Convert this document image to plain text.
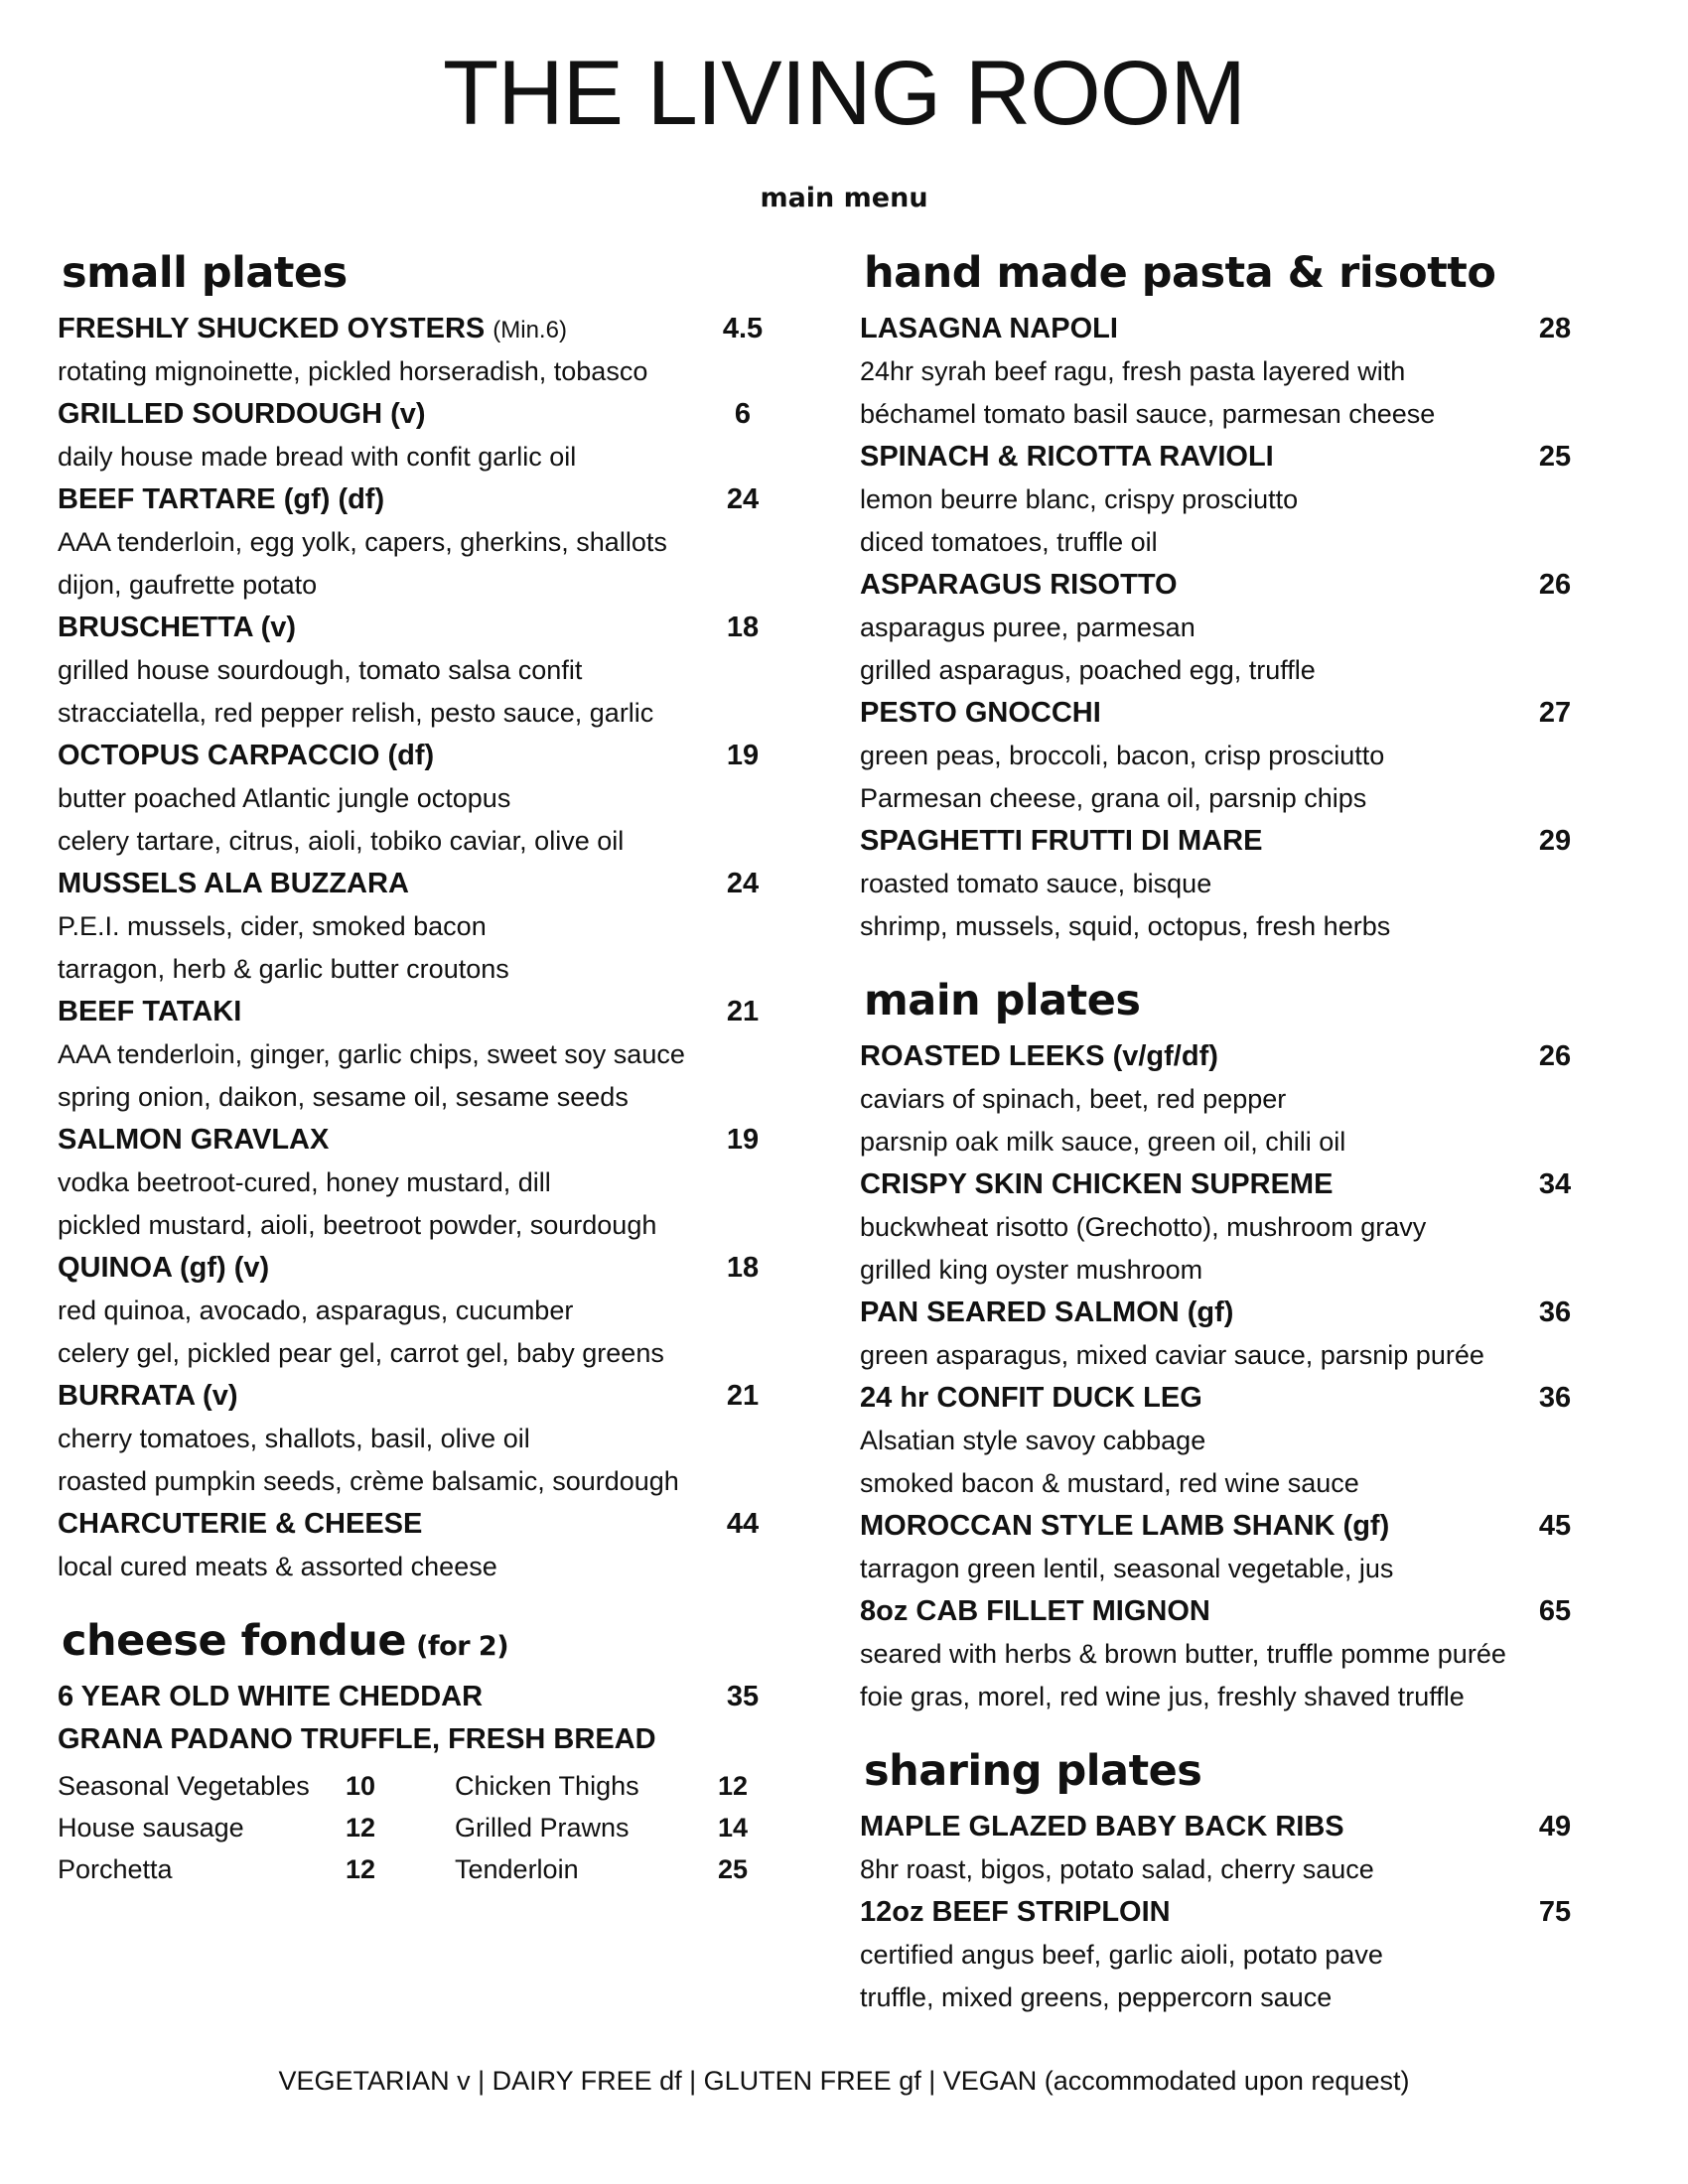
THE LIVING ROOM
main menu
small plates
FRESHLY SHUCKED OYSTERS (Min.6)	4.5
rotating mignoinette, pickled horseradish, tobasco
GRILLED SOURDOUGH (v)	6
daily house made bread with confit garlic oil
BEEF TARTARE (gf) (df)	24
AAA tenderloin, egg yolk, capers, gherkins, shallots
dijon, gaufrette potato
BRUSCHETTA (v)	18
grilled house sourdough, tomato salsa confit
stracciatella, red pepper relish, pesto sauce, garlic
OCTOPUS CARPACCIO (df)	19
butter poached Atlantic jungle octopus
celery tartare, citrus, aioli, tobiko caviar, olive oil
MUSSELS ALA BUZZARA	24
P.E.I. mussels, cider, smoked bacon
tarragon, herb & garlic butter croutons
BEEF TATAKI	21
AAA tenderloin, ginger, garlic chips, sweet soy sauce
spring onion, daikon, sesame oil, sesame seeds
SALMON GRAVLAX	19
vodka beetroot-cured, honey mustard, dill
pickled mustard, aioli, beetroot powder, sourdough
QUINOA (gf) (v)	18
red quinoa, avocado, asparagus, cucumber
celery gel, pickled pear gel, carrot gel, baby greens
BURRATA (v)	21
cherry tomatoes, shallots, basil, olive oil
roasted pumpkin seeds, crème balsamic, sourdough
CHARCUTERIE & CHEESE	44
local cured meats & assorted cheese
cheese fondue (for 2)
6 YEAR OLD WHITE CHEDDAR	35
GRANA PADANO TRUFFLE, FRESH BREAD
Seasonal Vegetables	10	Chicken Thighs	12
House sausage	12	Grilled Prawns	14
Porchetta	12	Tenderloin	25
hand made pasta & risotto
LASAGNA NAPOLI	28
24hr syrah beef ragu, fresh pasta layered with
béchamel tomato basil sauce, parmesan cheese
SPINACH & RICOTTA RAVIOLI	25
lemon beurre blanc, crispy prosciutto
diced tomatoes, truffle oil
ASPARAGUS RISOTTO	26
asparagus puree, parmesan
grilled asparagus, poached egg, truffle
PESTO GNOCCHI	27
green peas, broccoli, bacon, crisp prosciutto
Parmesan cheese, grana oil, parsnip chips
SPAGHETTI FRUTTI DI MARE	29
roasted tomato sauce, bisque
shrimp, mussels, squid, octopus, fresh herbs
main plates
ROASTED LEEKS (v/gf/df)	26
caviars of spinach, beet, red pepper
parsnip oak milk sauce, green oil, chili oil
CRISPY SKIN CHICKEN SUPREME	34
buckwheat risotto (Grechotto), mushroom gravy
grilled king oyster mushroom
PAN SEARED SALMON (gf)	36
green asparagus, mixed caviar sauce, parsnip purée
24 hr CONFIT DUCK LEG	36
Alsatian style savoy cabbage
smoked bacon & mustard, red wine sauce
MOROCCAN STYLE LAMB SHANK (gf)	45
tarragon green lentil, seasonal vegetable, jus
8oz CAB FILLET MIGNON	65
seared with herbs & brown butter, truffle pomme purée
foie gras, morel, red wine jus, freshly shaved truffle
sharing plates
MAPLE GLAZED BABY BACK RIBS	49
8hr roast, bigos, potato salad, cherry sauce
12oz BEEF STRIPLOIN	75
certified angus beef, garlic aioli, potato pave
truffle, mixed greens, peppercorn sauce
VEGETARIAN v | DAIRY FREE df | GLUTEN FREE gf | VEGAN (accommodated upon request)
